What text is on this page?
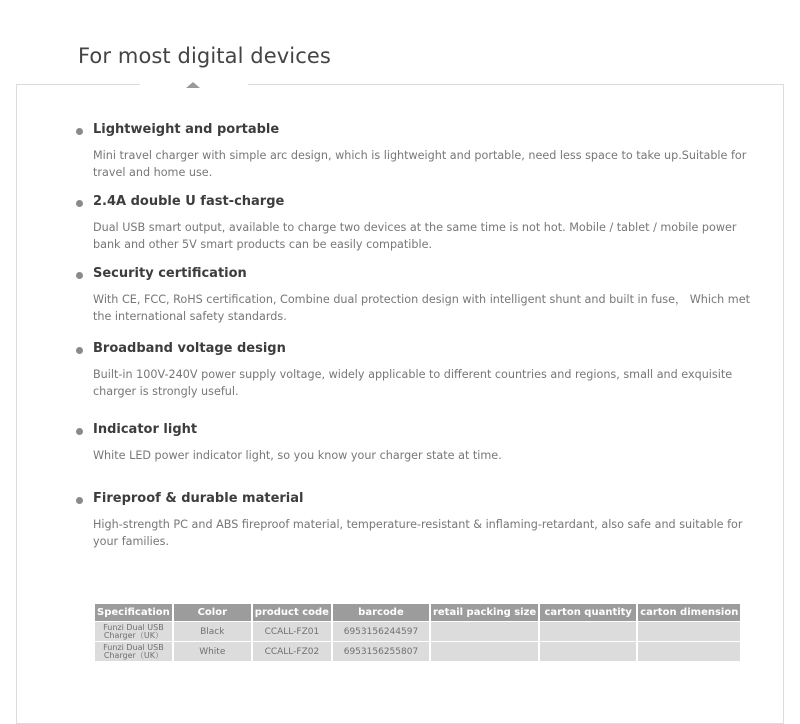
For most digital devices
Lightweight and portable

Mini travel charger with simple arc design, which is lightweight and portable, need less space to take up.Suitable for travel and home use.

2.4A double U fast-charge

Dual USB smart output, available to charge two devices at the same time is not hot. Mobile / tablet / mobile power bank and other 5V smart products can be easily compatible.

Security certification

With CE, FCC, RoHS certification, Combine dual protection design with intelligent shunt and built in fuse， Which met the international safety standards.

Broadband voltage design

Built-in 100V-240V power supply voltage, widely applicable to different countries and regions, small and exquisite charger is strongly useful.

Indicator light

White LED power indicator light, so you know your charger state at time.

Fireproof & durable material

High-strength PC and ABS fireproof material, temperature-resistant & inflaming-retardant, also safe and suitable for your families.

Specification	Color	product code	barcode	retail packing size	carton quantity	carton dimension
Funzi Dual USB Charger（UK）	Black	CCALL-FZ01	6953156244597			
Funzi Dual USB Charger（UK）	White	CCALL-FZ02	6953156255807			
